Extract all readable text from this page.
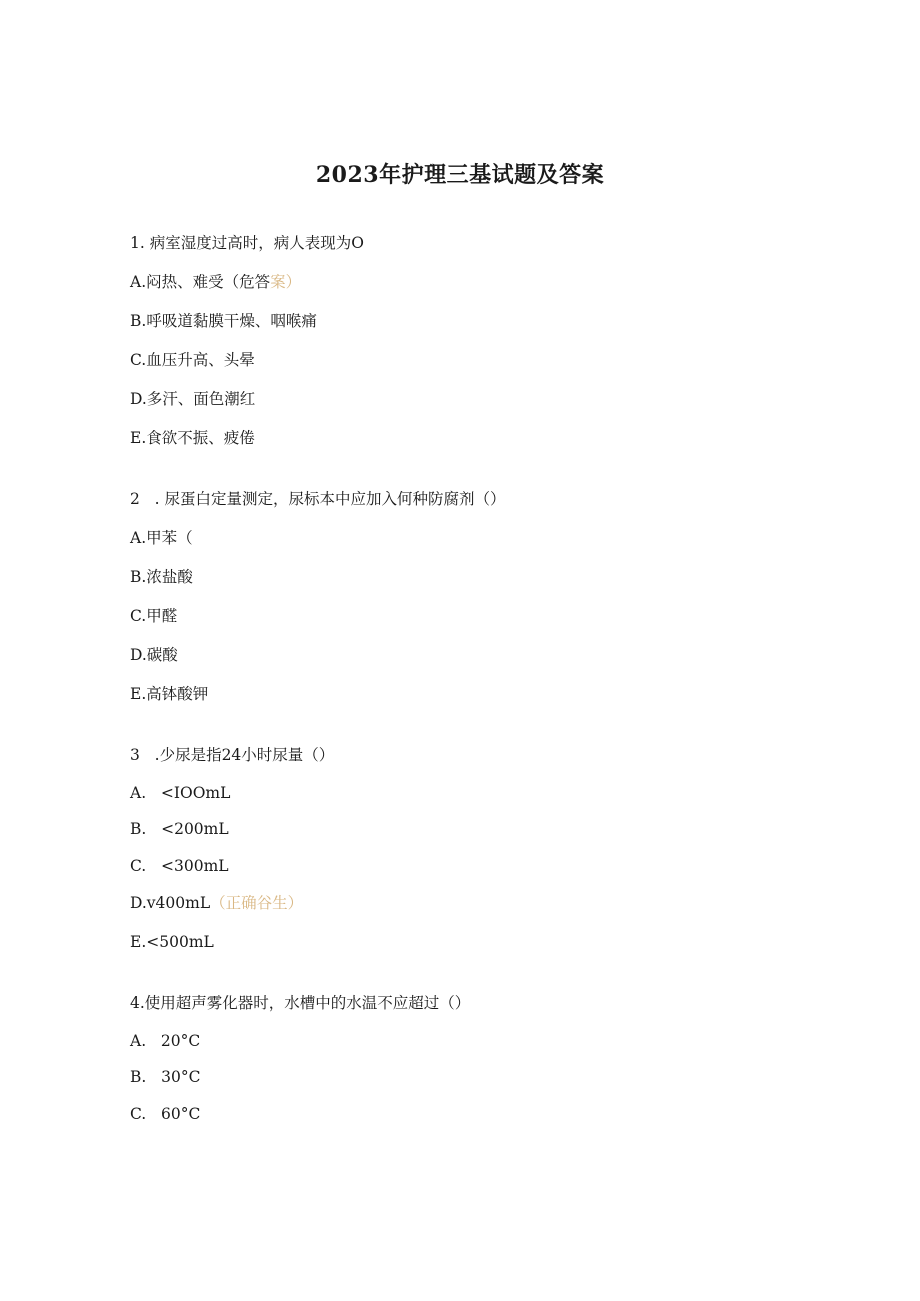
2023年护理三基试题及答案
1. 病室湿度过高时，病人表现为O
A.闷热、难受（危答案）
B.呼吸道黏膜干燥、咽喉痛
C.血压升高、头晕
D.多汗、面色潮红
E.食欲不振、疲倦
2   . 尿蛋白定量测定，尿标本中应加入何种防腐剂（）
A.甲苯（
B.浓盐酸
C.甲醛
D.碳酸
E.高钵酸钾
3   .少尿是指24小时尿量（）
A.   <IOOmL
B.   <200mL
C.   <300mL
D.v400mL（正确谷生）
E.<500mL
4.使用超声雾化器时，水槽中的水温不应超过（）
A.   20°C
B.   30°C
C.   60°C
